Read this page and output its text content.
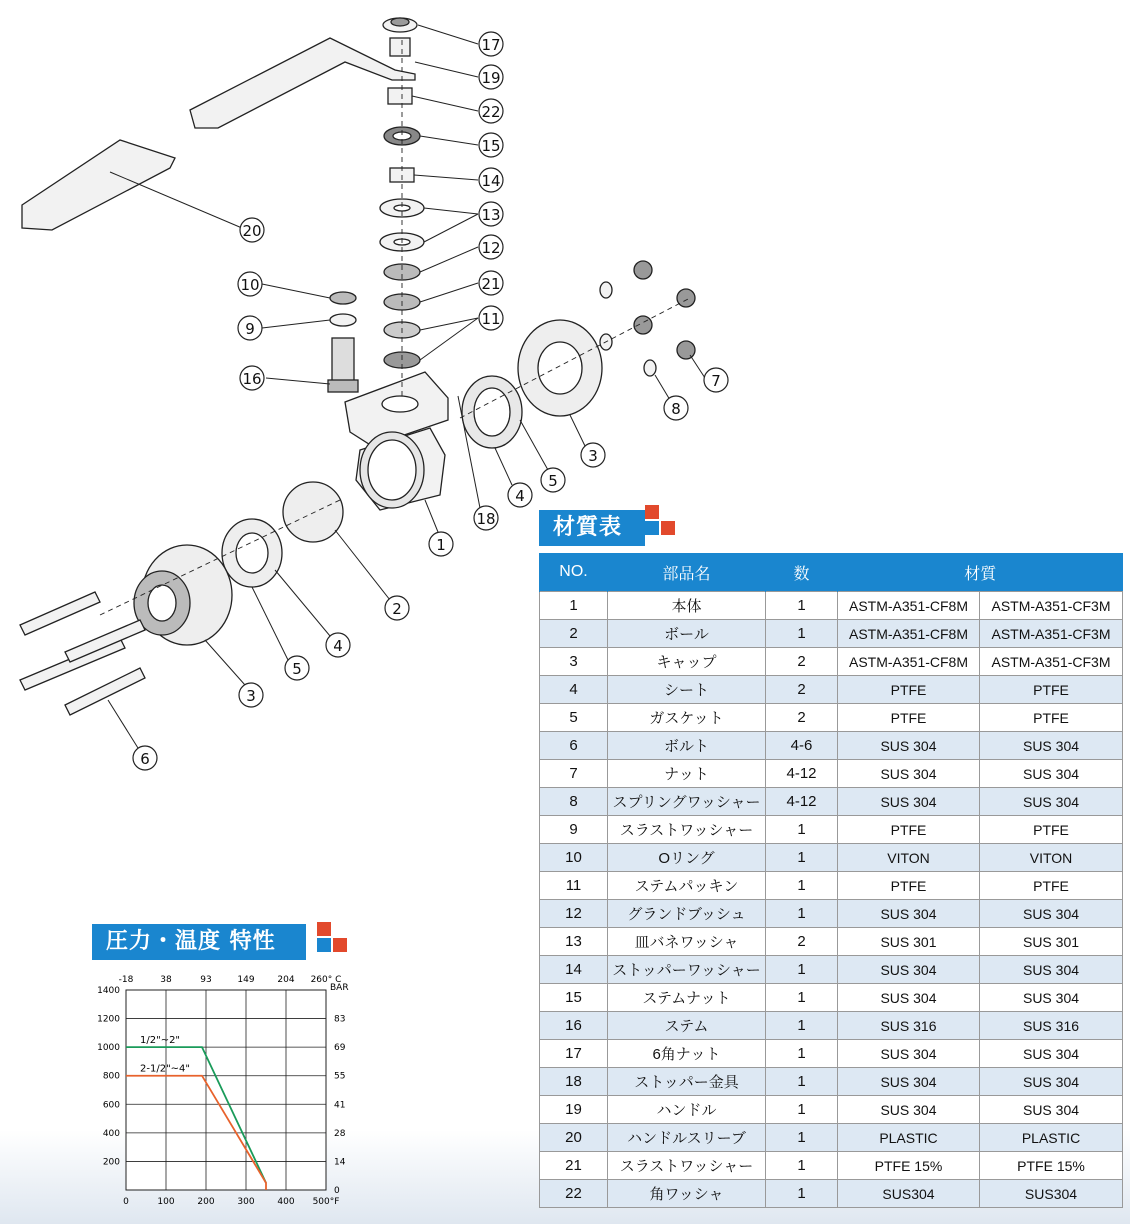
17
19
22
15
14
13
12
21
11
10
9
16
20
7
8
3
5
4
18
1
2
4
5
3
6
材質表
NO.	部品名	数	材質	
1	本体	1	ASTM-A351-CF8M	ASTM-A351-CF3M
2	ボール	1	ASTM-A351-CF8M	ASTM-A351-CF3M
3	キャップ	2	ASTM-A351-CF8M	ASTM-A351-CF3M
4	シート	2	PTFE	PTFE
5	ガスケット	2	PTFE	PTFE
6	ボルト	4-6	SUS 304	SUS 304
7	ナット	4-12	SUS 304	SUS 304
8	スプリングワッシャー	4-12	SUS 304	SUS 304
9	スラストワッシャー	1	PTFE	PTFE
10	Oリング	1	VITON	VITON
11	ステムパッキン	1	PTFE	PTFE
12	グランドブッシュ	1	SUS 304	SUS 304
13	皿バネワッシャ	2	SUS 301	SUS 301
14	ストッパーワッシャー	1	SUS 304	SUS 304
15	ステムナット	1	SUS 304	SUS 304
16	ステム	1	SUS 316	SUS 316
17	6角ナット	1	SUS 304	SUS 304
18	ストッパー金具	1	SUS 304	SUS 304
19	ハンドル	1	SUS 304	SUS 304
20	ハンドルスリーブ	1	PLASTIC	PLASTIC
21	スラストワッシャー	1	PTFE 15%	PTFE 15%
22	角ワッシャ	1	SUS304	SUS304
圧力・温度 特性
0	100	200	300	400 500°F
-18	38	93	149	204 260° C
1400
1200
1000
800
600
400
200
BAR
83
69
55
41
28
14
0
1/2"~2"
2-1/2"~4"
